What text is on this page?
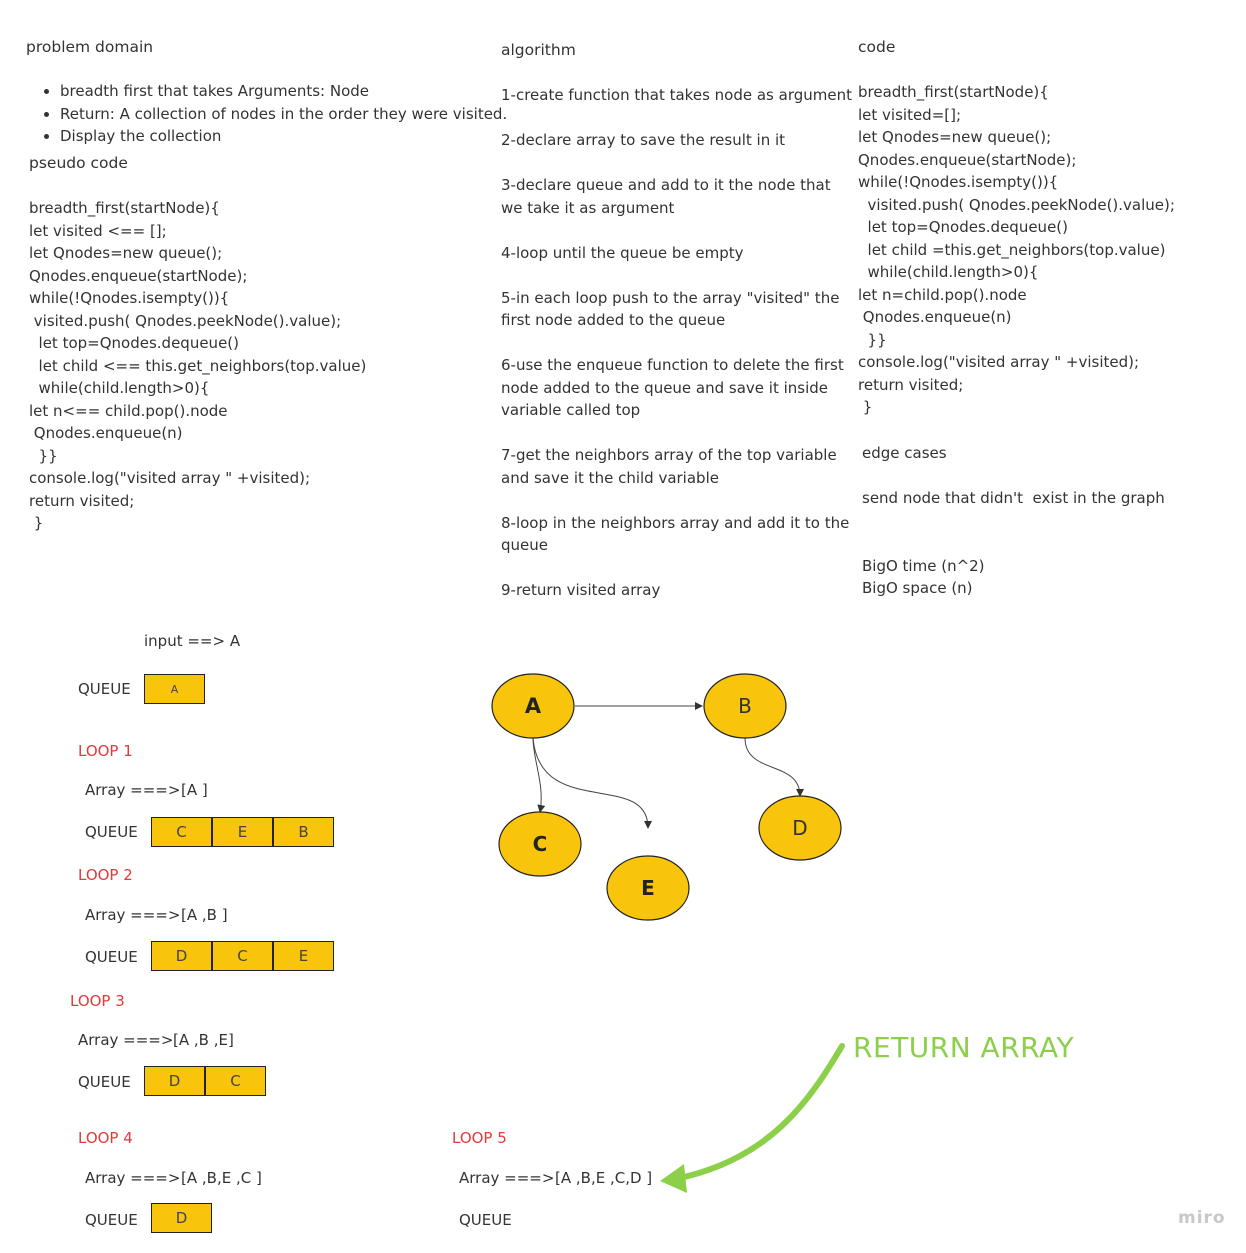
problem domain
• breadth first that takes Arguments: Node
• Return: A collection of nodes in the order they were visited.
• Display the collection
pseudo code
breadth_first(startNode){
let visited <== [];
let Qnodes=new queue();
Qnodes.enqueue(startNode);
while(!Qnodes.isempty()){
visited.push( Qnodes.peekNode().value);
let top=Qnodes.dequeue()
let child <== this.get_neighbors(top.value)
while(child.length>0){
let n<== child.pop().node
Qnodes.enqueue(n)
}}
console.log("visited array " +visited);
return visited;
}
algorithm
1-create function that takes node as argument
2-declare array to save the result in it
3-declare queue and add to it the node that
we take it as argument
4-loop until the queue be empty
5-in each loop push to the array "visited" the
first node added to the queue
6-use the enqueue function to delete the first
node added to the queue and save it inside
variable called top
7-get the neighbors array of the top variable
and save it the child variable
8-loop in the neighbors array and add it to the
queue
9-return visited array
code
breadth_first(startNode){
let visited=[];
let Qnodes=new queue();
Qnodes.enqueue(startNode);
while(!Qnodes.isempty()){
visited.push( Qnodes.peekNode().value);
let top=Qnodes.dequeue()
let child =this.get_neighbors(top.value)
while(child.length>0){
let n=child.pop().node
Qnodes.enqueue(n)
}}
console.log("visited array " +visited);
return visited;
}
edge cases
send node that didn't  exist in the graph
BigO time (n^2)
BigO space (n)
input ==> A
QUEUE	A
LOOP 1
Array ===> [A ]
QUEUE	C	E	B
LOOP 2
Array ===> [A ,B ]
QUEUE	D	C	E
LOOP 3
Array ===> [A ,B ,E]
QUEUE	D	C
LOOP 4
Array ===> [A ,B,E ,C ]
QUEUE	D
LOOP 5
Array ===> [A ,B,E ,C,D ]
QUEUE
A	B
C
D
E
RETURN ARRAY
miro
